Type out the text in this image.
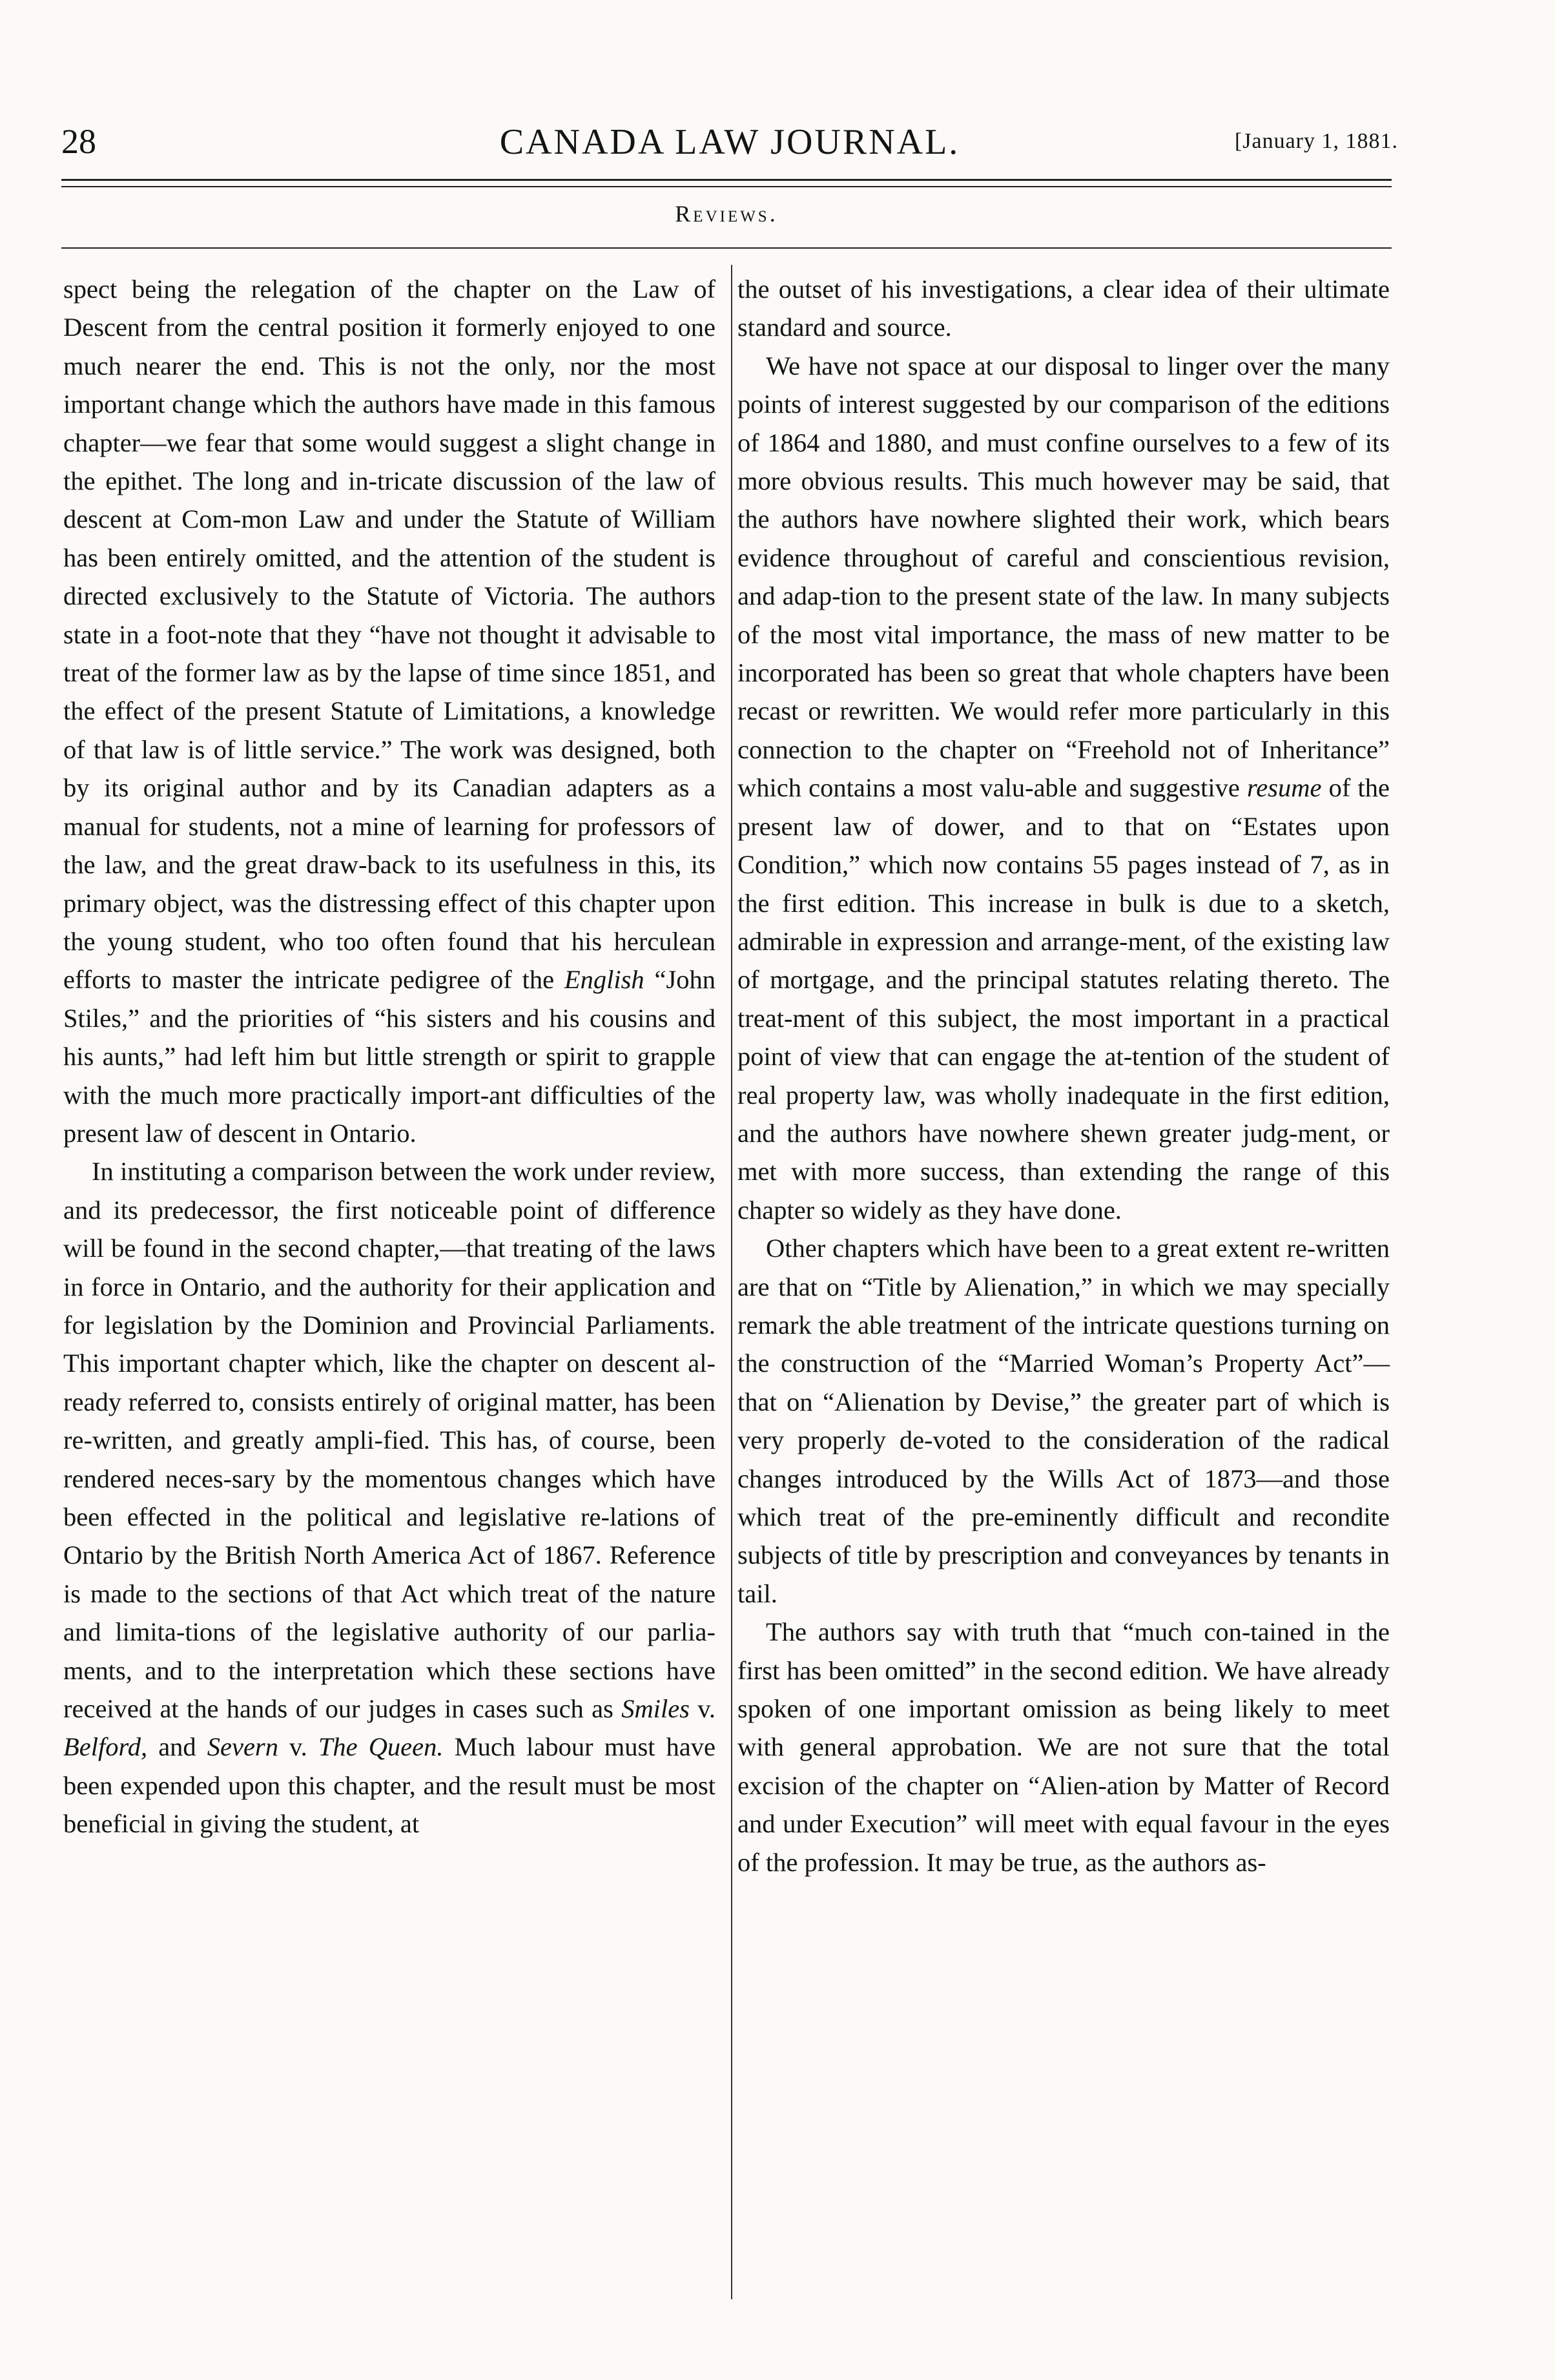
28	CANADA LAW JOURNAL.	[January 1, 1881.
Reviews.

spect being the relegation of the chapter on the Law of Descent from the central position it formerly enjoyed to one much nearer the end. This is not the only, nor the most important change which the authors have made in this famous chapter—we fear that some would suggest a slight change in the epithet. The long and in-tricate discussion of the law of descent at Com-mon Law and under the Statute of William has been entirely omitted, and the attention of the student is directed exclusively to the Statute of Victoria. The authors state in a foot-note that they “have not thought it advisable to treat of the former law as by the lapse of time since 1851, and the effect of the present Statute of Limitations, a knowledge of that law is of little service.” The work was designed, both by its original author and by its Canadian adapters as a manual for students, not a mine of learning for professors of the law, and the great draw-back to its usefulness in this, its primary object, was the distressing effect of this chapter upon the young student, who too often found that his herculean efforts to master the intricate pedigree of the English “John Stiles,” and the priorities of “his sisters and his cousins and his aunts,” had left him but little strength or spirit to grapple with the much more practically import-ant difficulties of the present law of descent in Ontario.

In instituting a comparison between the work under review, and its predecessor, the first noticeable point of difference will be found in the second chapter,—that treating of the laws in force in Ontario, and the authority for their application and for legislation by the Dominion and Provincial Parliaments. This important chapter which, like the chapter on descent al-ready referred to, consists entirely of original matter, has been re-written, and greatly ampli-fied. This has, of course, been rendered neces-sary by the momentous changes which have been effected in the political and legislative re-lations of Ontario by the British North America Act of 1867. Reference is made to the sections of that Act which treat of the nature and limita-tions of the legislative authority of our parlia-ments, and to the interpretation which these sections have received at the hands of our judges in cases such as Smiles v. Belford, and Severn v. The Queen. Much labour must have been expended upon this chapter, and the result must be most beneficial in giving the student, at

the outset of his investigations, a clear idea of their ultimate standard and source.

We have not space at our disposal to linger over the many points of interest suggested by our comparison of the editions of 1864 and 1880, and must confine ourselves to a few of its more obvious results. This much however may be said, that the authors have nowhere slighted their work, which bears evidence throughout of careful and conscientious revision, and adap-tion to the present state of the law. In many subjects of the most vital importance, the mass of new matter to be incorporated has been so great that whole chapters have been recast or rewritten. We would refer more particularly in this connection to the chapter on “Freehold not of Inheritance” which contains a most valu-able and suggestive resume of the present law of dower, and to that on “Estates upon Condition,” which now contains 55 pages instead of 7, as in the first edition. This increase in bulk is due to a sketch, admirable in expression and arrange-ment, of the existing law of mortgage, and the principal statutes relating thereto. The treat-ment of this subject, the most important in a practical point of view that can engage the at-tention of the student of real property law, was wholly inadequate in the first edition, and the authors have nowhere shewn greater judg-ment, or met with more success, than extending the range of this chapter so widely as they have done.

Other chapters which have been to a great extent re-written are that on “Title by Alienation,” in which we may specially remark the able treatment of the intricate questions turning on the construction of the “Married Woman’s Property Act”—that on “Alienation by Devise,” the greater part of which is very properly de-voted to the consideration of the radical changes introduced by the Wills Act of 1873—and those which treat of the pre-eminently difficult and recondite subjects of title by prescription and conveyances by tenants in tail.

The authors say with truth that “much con-tained in the first has been omitted” in the second edition. We have already spoken of one important omission as being likely to meet with general approbation. We are not sure that the total excision of the chapter on “Alien-ation by Matter of Record and under Execution” will meet with equal favour in the eyes of the profession. It may be true, as the authors as-
